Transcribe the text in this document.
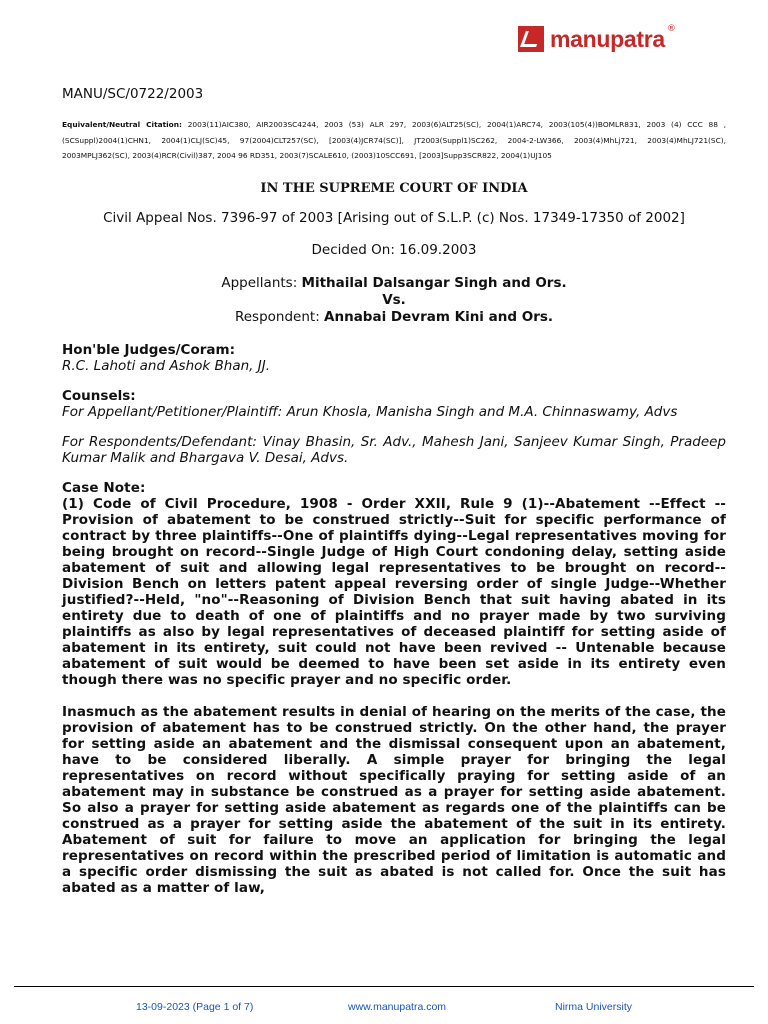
manupatra ®
MANU/SC/0722/2003
Equivalent/Neutral Citation: 2003(11)AIC380, AIR2003SC4244, 2003 (53) ALR 297, 2003(6)ALT25(SC), 2004(1)ARC74, 2003(105(4))BOMLR831, 2003 (4) CCC 88 , (SCSuppl)2004(1)CHN1, 2004(1)CLJ(SC)45, 97(2004)CLT257(SC), [2003(4)JCR74(SC)], JT2003(Suppl1)SC262, 2004-2-LW366, 2003(4)MhLj721, 2003(4)MhLJ721(SC), 2003MPLJ362(SC), 2003(4)RCR(Civil)387, 2004 96 RD351, 2003(7)SCALE610, (2003)10SCC691, [2003]Supp3SCR822, 2004(1)UJ105
IN THE SUPREME COURT OF INDIA
Civil Appeal Nos. 7396-97 of 2003 [Arising out of S.L.P. (c) Nos. 17349-17350 of 2002]
Decided On: 16.09.2003
Appellants: Mithailal Dalsangar Singh and Ors.
Vs.
Respondent: Annabai Devram Kini and Ors.
Hon'ble Judges/Coram:
R.C. Lahoti and Ashok Bhan, JJ.
Counsels:
For Appellant/Petitioner/Plaintiff: Arun Khosla, Manisha Singh and M.A. Chinnaswamy, Advs
For Respondents/Defendant: Vinay Bhasin, Sr. Adv., Mahesh Jani, Sanjeev Kumar Singh, Pradeep Kumar Malik and Bhargava V. Desai, Advs.
Case Note:
(1) Code of Civil Procedure, 1908 - Order XXII, Rule 9 (1)--Abatement --Effect -- Provision of abatement to be construed strictly--Suit for specific performance of contract by three plaintiffs--One of plaintiffs dying--Legal representatives moving for being brought on record--Single Judge of High Court condoning delay, setting aside abatement of suit and allowing legal representatives to be brought on record--Division Bench on letters patent appeal reversing order of single Judge--Whether justified?--Held, "no"--Reasoning of Division Bench that suit having abated in its entirety due to death of one of plaintiffs and no prayer made by two surviving plaintiffs as also by legal representatives of deceased plaintiff for setting aside of abatement in its entirety, suit could not have been revived -- Untenable because abatement of suit would be deemed to have been set aside in its entirety even though there was no specific prayer and no specific order.
Inasmuch as the abatement results in denial of hearing on the merits of the case, the provision of abatement has to be construed strictly. On the other hand, the prayer for setting aside an abatement and the dismissal consequent upon an abatement, have to be considered liberally. A simple prayer for bringing the legal representatives on record without specifically praying for setting aside of an abatement may in substance be construed as a prayer for setting aside abatement. So also a prayer for setting aside abatement as regards one of the plaintiffs can be construed as a prayer for setting aside the abatement of the suit in its entirety. Abatement of suit for failure to move an application for bringing the legal representatives on record within the prescribed period of limitation is automatic and a specific order dismissing the suit as abated is not called for. Once the suit has abated as a matter of law,
13-09-2023 (Page 1 of 7)	www.manupatra.com	Nirma University
